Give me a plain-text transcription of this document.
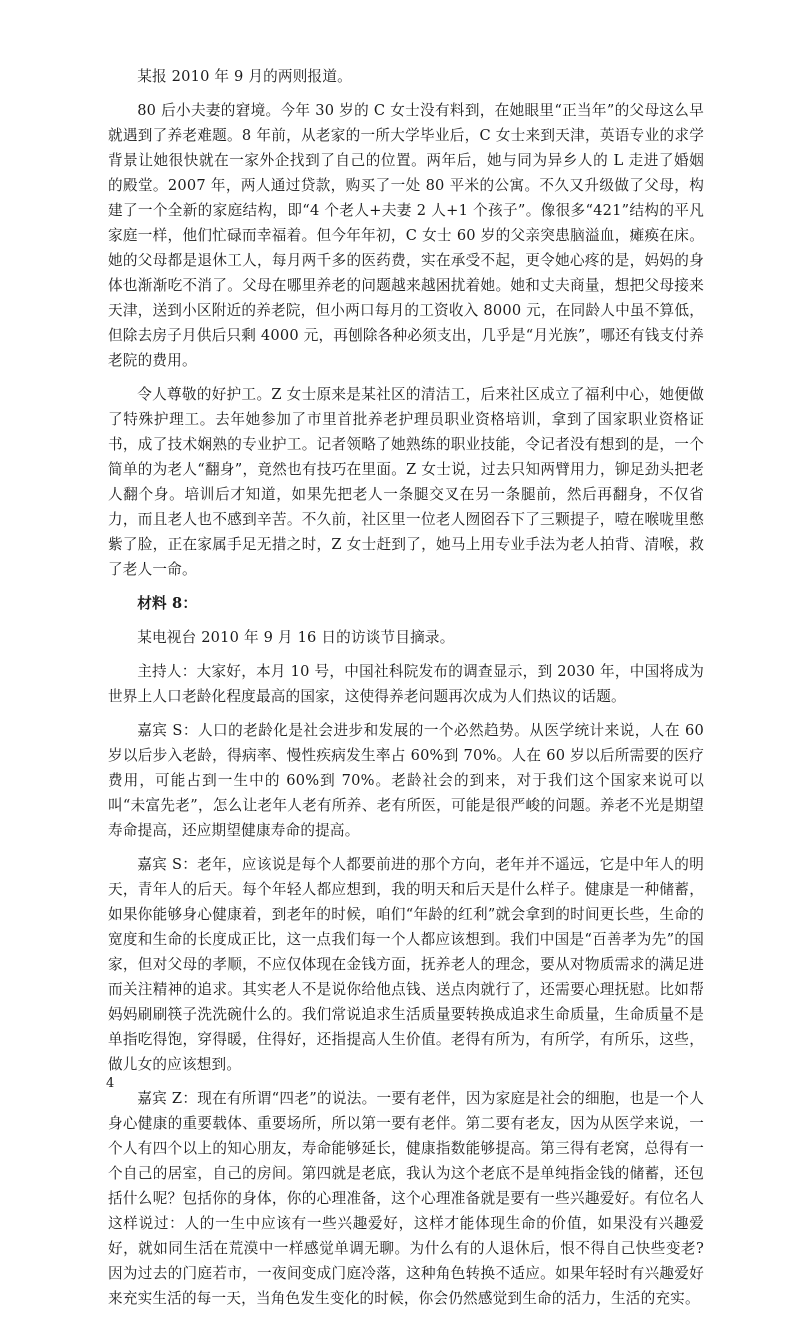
某报 2010 年 9 月的两则报道。

80 后小夫妻的窘境。今年 30 岁的 C 女士没有料到，在她眼里“正当年”的父母这么早就遇到了养老难题。8 年前，从老家的一所大学毕业后，C 女士来到天津，英语专业的求学背景让她很快就在一家外企找到了自己的位置。两年后，她与同为异乡人的 L 走进了婚姻的殿堂。2007 年，两人通过贷款，购买了一处 80 平米的公寓。不久又升级做了父母，构建了一个全新的家庭结构，即“4 个老人+夫妻 2 人+1 个孩子”。像很多“421”结构的平凡家庭一样，他们忙碌而幸福着。但今年年初，C 女士 60 岁的父亲突患脑溢血，瘫痪在床。她的父母都是退休工人，每月两千多的医药费，实在承受不起，更令她心疼的是，妈妈的身体也渐渐吃不消了。父母在哪里养老的问题越来越困扰着她。她和丈夫商量，想把父母接来天津，送到小区附近的养老院，但小两口每月的工资收入 8000 元，在同龄人中虽不算低，但除去房子月供后只剩 4000 元，再刨除各种必须支出，几乎是“月光族”，哪还有钱支付养老院的费用。

令人尊敬的好护工。Z 女士原来是某社区的清洁工，后来社区成立了福利中心，她便做了特殊护理工。去年她参加了市里首批养老护理员职业资格培训，拿到了国家职业资格证书，成了技术娴熟的专业护工。记者领略了她熟练的职业技能，令记者没有想到的是，一个简单的为老人“翻身”，竟然也有技巧在里面。Z 女士说，过去只知两臂用力，铆足劲头把老人翻个身。培训后才知道，如果先把老人一条腿交叉在另一条腿前，然后再翻身，不仅省力，而且老人也不感到辛苦。不久前，社区里一位老人囫囵吞下了三颗提子，噎在喉咙里憋紫了脸，正在家属手足无措之时，Z 女士赶到了，她马上用专业手法为老人拍背、清喉，救了老人一命。

材料 8：

某电视台 2010 年 9 月 16 日的访谈节目摘录。

主持人：大家好，本月 10 号，中国社科院发布的调查显示，到 2030 年，中国将成为世界上人口老龄化程度最高的国家，这使得养老问题再次成为人们热议的话题。

嘉宾 S：人口的老龄化是社会进步和发展的一个必然趋势。从医学统计来说，人在 60 岁以后步入老龄，得病率、慢性疾病发生率占 60%到 70%。人在 60 岁以后所需要的医疗费用，可能占到一生中的 60%到 70%。老龄社会的到来，对于我们这个国家来说可以叫“未富先老”，怎么让老年人老有所养、老有所医，可能是很严峻的问题。养老不光是期望寿命提高，还应期望健康寿命的提高。

嘉宾 S：老年，应该说是每个人都要前进的那个方向，老年并不遥远，它是中年人的明天，青年人的后天。每个年轻人都应想到，我的明天和后天是什么样子。健康是一种储蓄，如果你能够身心健康着，到老年的时候，咱们“年龄的红利”就会拿到的时间更长些，生命的宽度和生命的长度成正比，这一点我们每一个人都应该想到。我们中国是“百善孝为先”的国家，但对父母的孝顺，不应仅体现在金钱方面，抚养老人的理念，要从对物质需求的满足进而关注精神的追求。其实老人不是说你给他点钱、送点肉就行了，还需要心理抚慰。比如帮妈妈刷刷筷子洗洗碗什么的。我们常说追求生活质量要转换成追求生命质量，生命质量不是单指吃得饱，穿得暖，住得好，还指提高人生价值。老得有所为，有所学，有所乐，这些，做儿女的应该想到。

嘉宾 Z：现在有所谓“四老”的说法。一要有老伴，因为家庭是社会的细胞，也是一个人身心健康的重要载体、重要场所，所以第一要有老伴。第二要有老友，因为从医学来说，一个人有四个以上的知心朋友，寿命能够延长，健康指数能够提高。第三得有老窝，总得有一个自己的居室，自己的房间。第四就是老底，我认为这个老底不是单纯指金钱的储蓄，还包括什么呢？包括你的身体，你的心理准备，这个心理准备就是要有一些兴趣爱好。有位名人这样说过：人的一生中应该有一些兴趣爱好，这样才能体现生命的价值，如果没有兴趣爱好，就如同生活在荒漠中一样感觉单调无聊。为什么有的人退休后，恨不得自己快些变老?因为过去的门庭若市，一夜间变成门庭冷落，这种角色转换不适应。如果年轻时有兴趣爱好来充实生活的每一天，当角色发生变化的时候，你会仍然感觉到生命的活力，生活的充实。

4
